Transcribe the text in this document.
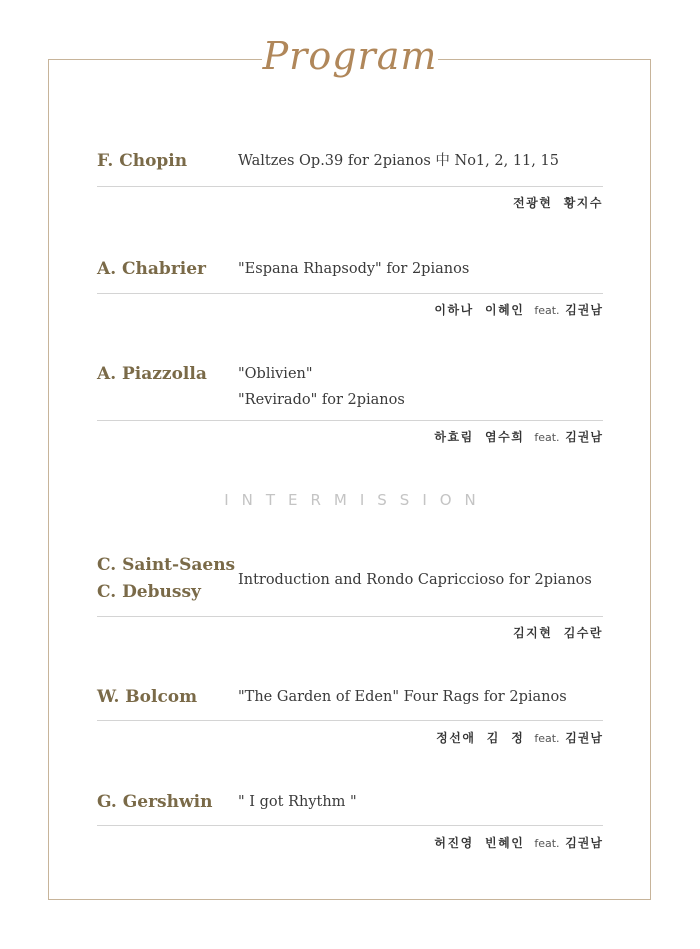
Program
F. Chopin	Waltzes Op.39 for 2pianos 中 No1, 2, 11, 15
전광현  황지수
A. Chabrier "Espana Rhapsody" for 2pianos
이하나  이혜인 feat. 김권남
A. Piazzolla "Oblivien"
"Revirado" for 2pianos
하효림  염수희 feat. 김권남
INTERMISSION
C. Saint-Saens
C. Debussy
Introduction and Rondo Capriccioso for 2pianos
김지현  김수란
W. Bolcom	"The Garden of Eden" Four Rags for 2pianos
정선애  김  정 feat. 김권남
G. Gershwin " I got Rhythm "
허진영  빈혜인 feat. 김권남
